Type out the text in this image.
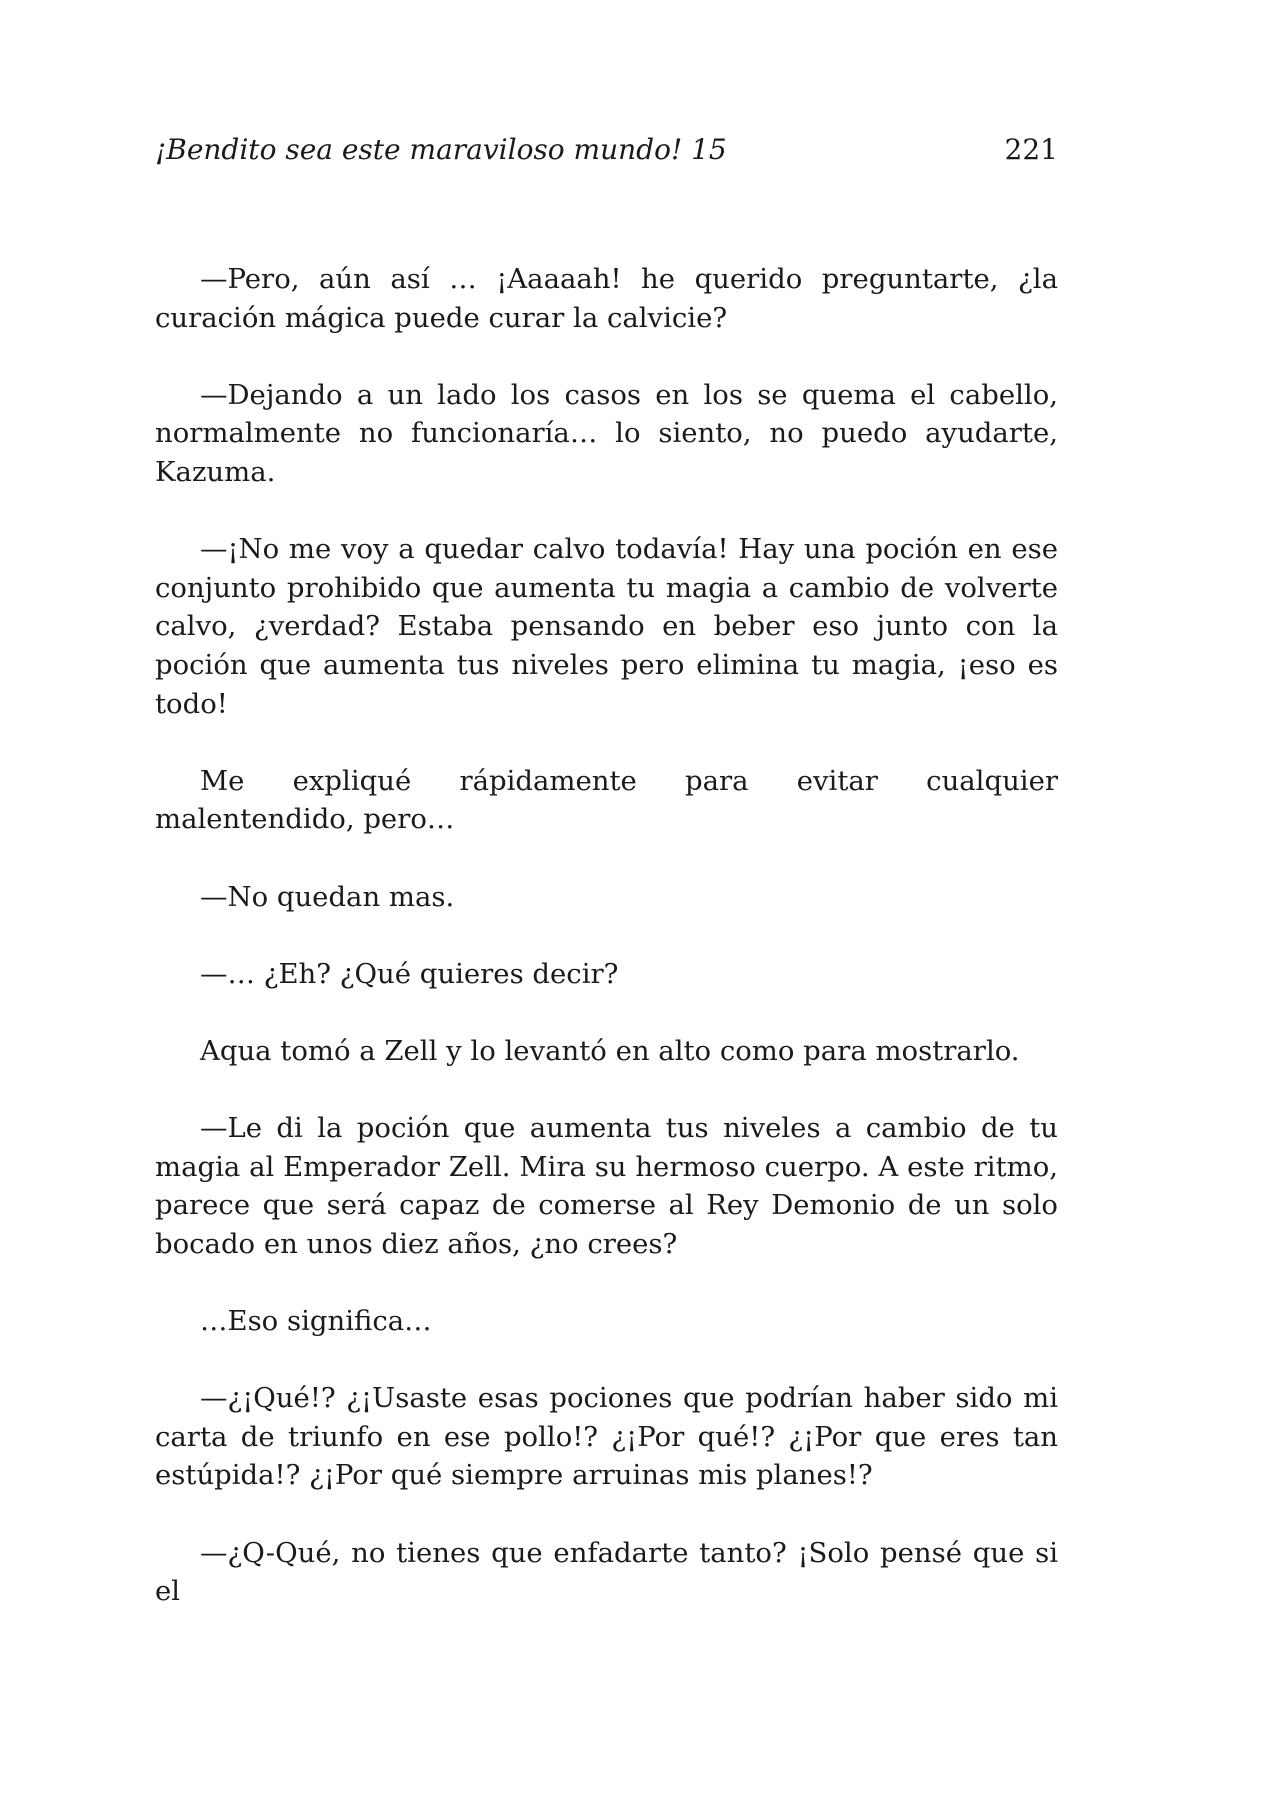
¡Bendito sea este maraviloso mundo! 15	221

—Pero, aún así … ¡Aaaaah! he querido preguntarte, ¿la curación mágica puede curar la calvicie?

—Dejando a un lado los casos en los se quema el cabello, normalmente no funcionaría… lo siento, no puedo ayudarte, Kazuma.

—¡No me voy a quedar calvo todavía! Hay una poción en ese conjunto prohibido que aumenta tu magia a cambio de volverte calvo, ¿verdad? Estaba pensando en beber eso junto con la poción que aumenta tus niveles pero elimina tu magia, ¡eso es todo!

Me expliqué rápidamente para evitar cualquier malentendido, pero…

—No quedan mas.

—… ¿Eh? ¿Qué quieres decir?

Aqua tomó a Zell y lo levantó en alto como para mostrarlo.

—Le di la poción que aumenta tus niveles a cambio de tu magia al Emperador Zell. Mira su hermoso cuerpo. A este ritmo, parece que será capaz de comerse al Rey Demonio de un solo bocado en unos diez años, ¿no crees?

…Eso significa…

—¿¡Qué!? ¿¡Usaste esas pociones que podrían haber sido mi carta de triunfo en ese pollo!? ¿¡Por qué!? ¿¡Por que eres tan estúpida!? ¿¡Por qué siempre arruinas mis planes!?

—¿Q-Qué, no tienes que enfadarte tanto? ¡Solo pensé que si el
